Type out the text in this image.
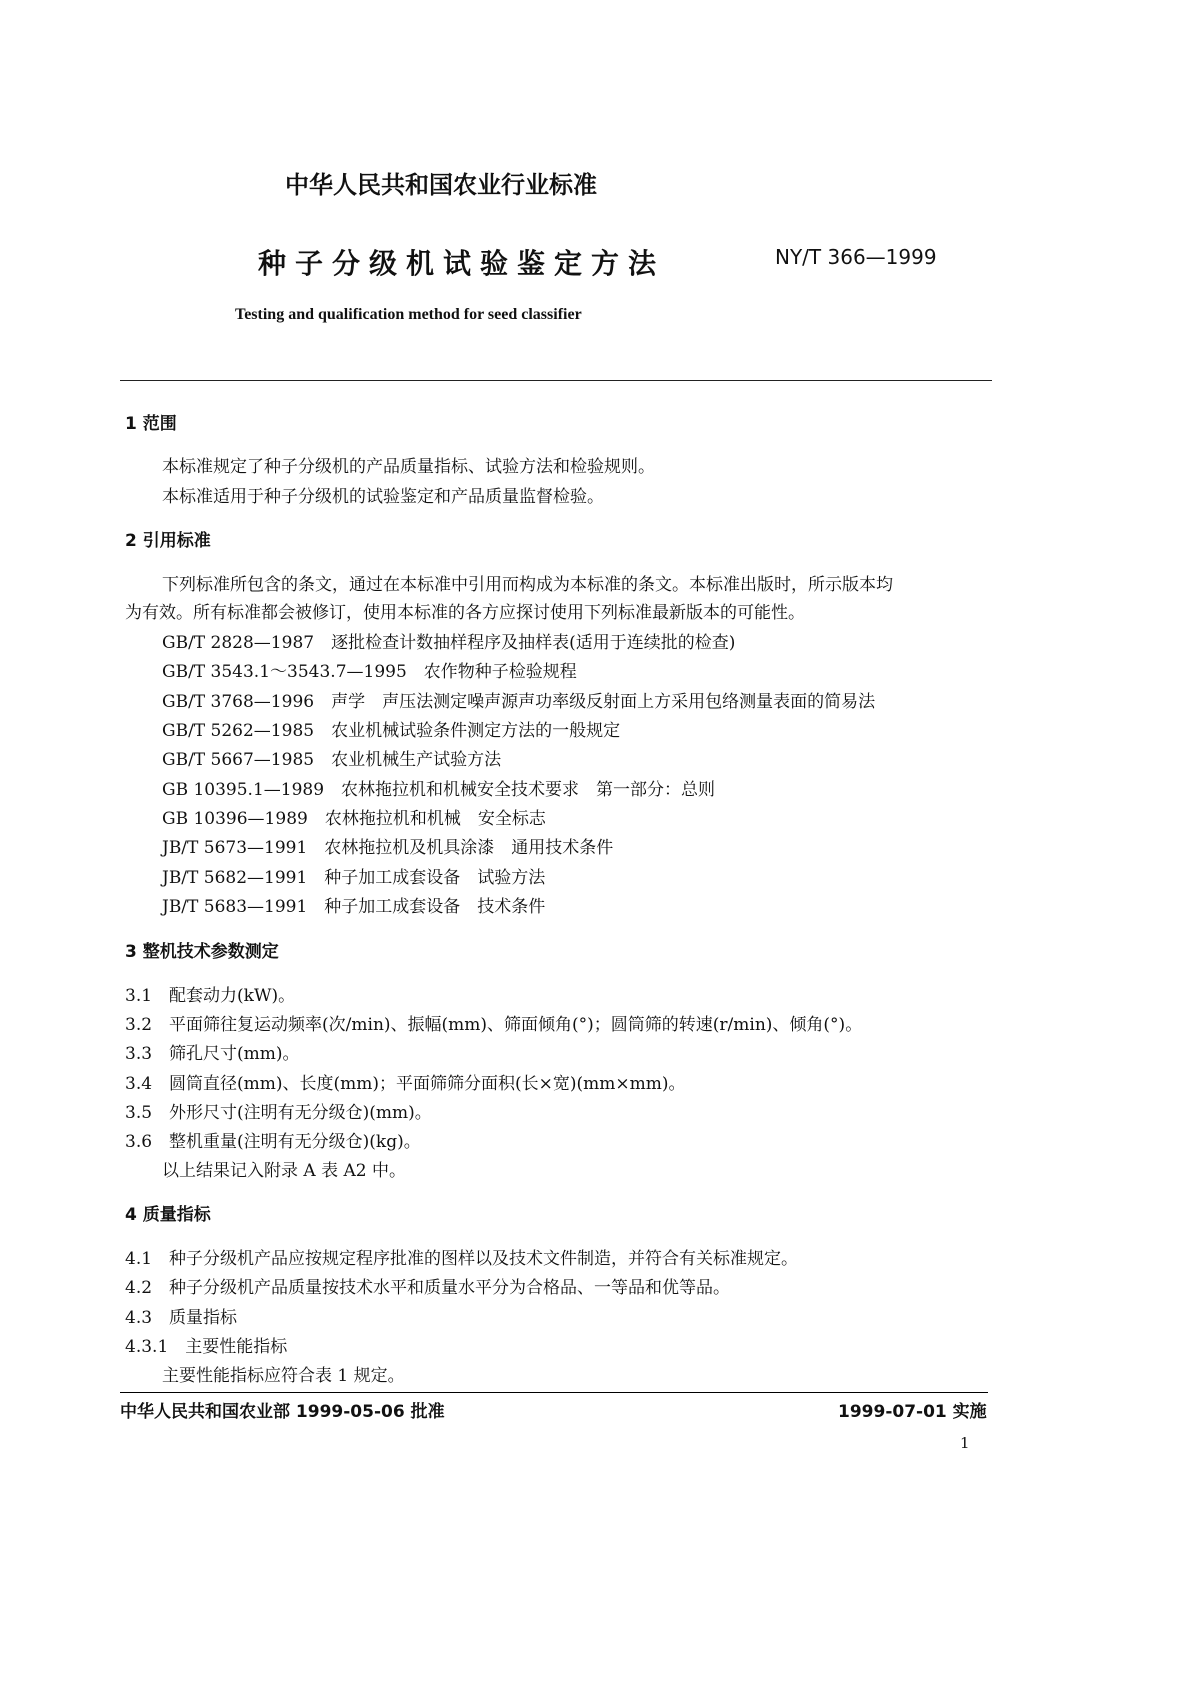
中华人民共和国农业行业标准
种子分级机试验鉴定方法	NY/T 366—1999
Testing and qualification method for seed classifier
1 范围
本标准规定了种子分级机的产品质量指标、试验方法和检验规则。
本标准适用于种子分级机的试验鉴定和产品质量监督检验。
2 引用标准
下列标准所包含的条文，通过在本标准中引用而构成为本标准的条文。本标准出版时，所示版本均
为有效。所有标准都会被修订，使用本标准的各方应探讨使用下列标准最新版本的可能性。
GB/T 2828—1987　逐批检查计数抽样程序及抽样表(适用于连续批的检查)
GB/T 3543.1～3543.7—1995　农作物种子检验规程
GB/T 3768—1996　声学　声压法测定噪声源声功率级反射面上方采用包络测量表面的简易法
GB/T 5262—1985　农业机械试验条件测定方法的一般规定
GB/T 5667—1985　农业机械生产试验方法
GB 10395.1—1989　农林拖拉机和机械安全技术要求　第一部分：总则
GB 10396—1989　农林拖拉机和机械　安全标志
JB/T 5673—1991　农林拖拉机及机具涂漆　通用技术条件
JB/T 5682—1991　种子加工成套设备　试验方法
JB/T 5683—1991　种子加工成套设备　技术条件
3 整机技术参数测定
3.1　配套动力(kW)。
3.2　平面筛往复运动频率(次/min)、振幅(mm)、筛面倾角(°)；圆筒筛的转速(r/min)、倾角(°)。
3.3　筛孔尺寸(mm)。
3.4　圆筒直径(mm)、长度(mm)；平面筛筛分面积(长×宽)(mm×mm)。
3.5　外形尺寸(注明有无分级仓)(mm)。
3.6　整机重量(注明有无分级仓)(kg)。
以上结果记入附录 A 表 A2 中。
4 质量指标
4.1　种子分级机产品应按规定程序批准的图样以及技术文件制造，并符合有关标准规定。
4.2　种子分级机产品质量按技术水平和质量水平分为合格品、一等品和优等品。
4.3　质量指标
4.3.1　主要性能指标
主要性能指标应符合表 1 规定。
中华人民共和国农业部 1999-05-06 批准	1999-07-01 实施
1
